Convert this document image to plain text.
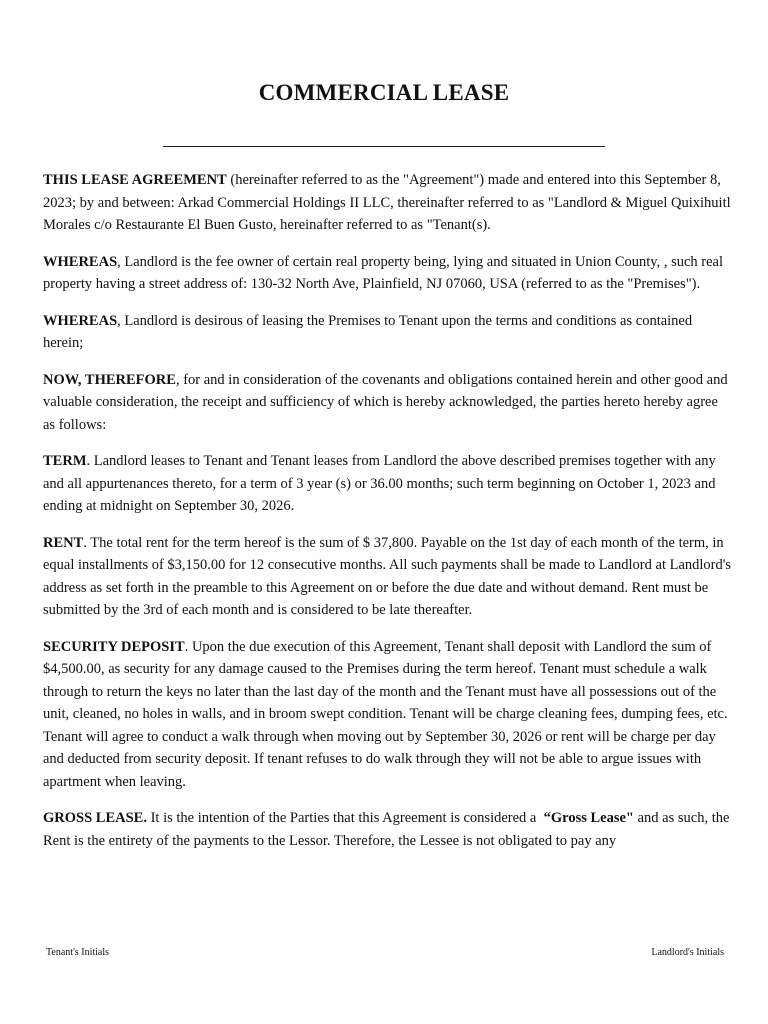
COMMERCIAL LEASE

THIS LEASE AGREEMENT (hereinafter referred to as the "Agreement") made and entered into this September 8, 2023; by and between: Arkad Commercial Holdings II LLC, thereinafter referred to as "Landlord & Miguel Quixihuitl Morales c/o Restaurante El Buen Gusto, hereinafter referred to as "Tenant(s).

WHEREAS, Landlord is the fee owner of certain real property being, lying and situated in Union County, , such real property having a street address of: 130-32 North Ave, Plainfield, NJ 07060, USA (referred to as the "Premises").

WHEREAS, Landlord is desirous of leasing the Premises to Tenant upon the terms and conditions as contained herein;

NOW, THEREFORE, for and in consideration of the covenants and obligations contained herein and other good and valuable consideration, the receipt and sufficiency of which is hereby acknowledged, the parties hereto hereby agree as follows:

TERM. Landlord leases to Tenant and Tenant leases from Landlord the above described premises together with any and all appurtenances thereto, for a term of 3 year (s) or 36.00 months; such term beginning on October 1, 2023 and ending at midnight on September 30, 2026.

RENT. The total rent for the term hereof is the sum of $ 37,800. Payable on the 1st day of each month of the term, in equal installments of $3,150.00 for 12 consecutive months. All such payments shall be made to Landlord at Landlord's address as set forth in the preamble to this Agreement on or before the due date and without demand. Rent must be submitted by the 3rd of each month and is considered to be late thereafter.

SECURITY DEPOSIT. Upon the due execution of this Agreement, Tenant shall deposit with Landlord the sum of $4,500.00, as security for any damage caused to the Premises during the term hereof. Tenant must schedule a walk through to return the keys no later than the last day of the month and the Tenant must have all possessions out of the unit, cleaned, no holes in walls, and in broom swept condition. Tenant will be charge cleaning fees, dumping fees, etc. Tenant will agree to conduct a walk through when moving out by September 30, 2026 or rent will be charge per day and deducted from security deposit. If tenant refuses to do walk through they will not be able to argue issues with apartment when leaving.

GROSS LEASE. It is the intention of the Parties that this Agreement is considered a  “Gross Lease" and as such, the Rent is the entirety of the payments to the Lessor. Therefore, the Lessee is not obligated to pay any

Tenant's Initials	Landlord's Initials
